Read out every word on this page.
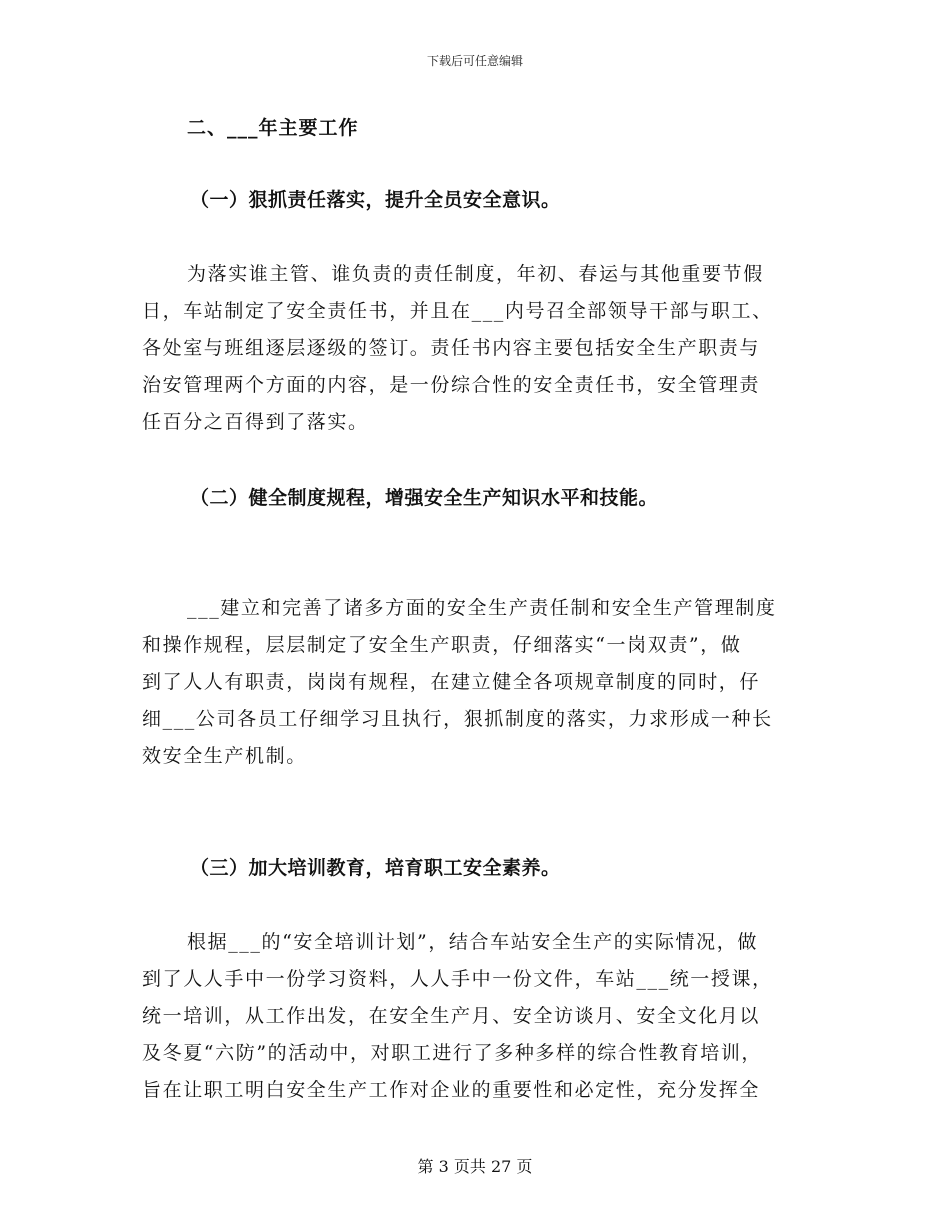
下载后可任意编辑
二、___年主要工作
（一）狠抓责任落实，提升全员安全意识。
为落实谁主管、谁负责的责任制度，年初、春运与其他重要节假
日，车站制定了安全责任书，并且在___内号召全部领导干部与职工、
各处室与班组逐层逐级的签订。责任书内容主要包括安全生产职责与
治安管理两个方面的内容，是一份综合性的安全责任书，安全管理责
任百分之百得到了落实。
（二）健全制度规程，增强安全生产知识水平和技能。
___建立和完善了诸多方面的安全生产责任制和安全生产管理制度
和操作规程，层层制定了安全生产职责，仔细落实“一岗双责”，做
到了人人有职责，岗岗有规程，在建立健全各项规章制度的同时，仔
细___公司各员工仔细学习且执行，狠抓制度的落实，力求形成一种长
效安全生产机制。
（三）加大培训教育，培育职工安全素养。
根据___的“安全培训计划”，结合车站安全生产的实际情况，做
到了人人手中一份学习资料，人人手中一份文件，车站___统一授课，
统一培训，从工作出发，在安全生产月、安全访谈月、安全文化月以
及冬夏“六防”的活动中，对职工进行了多种多样的综合性教育培训，
旨在让职工明白安全生产工作对企业的重要性和必定性，充分发挥全
第 3 页共 27 页
